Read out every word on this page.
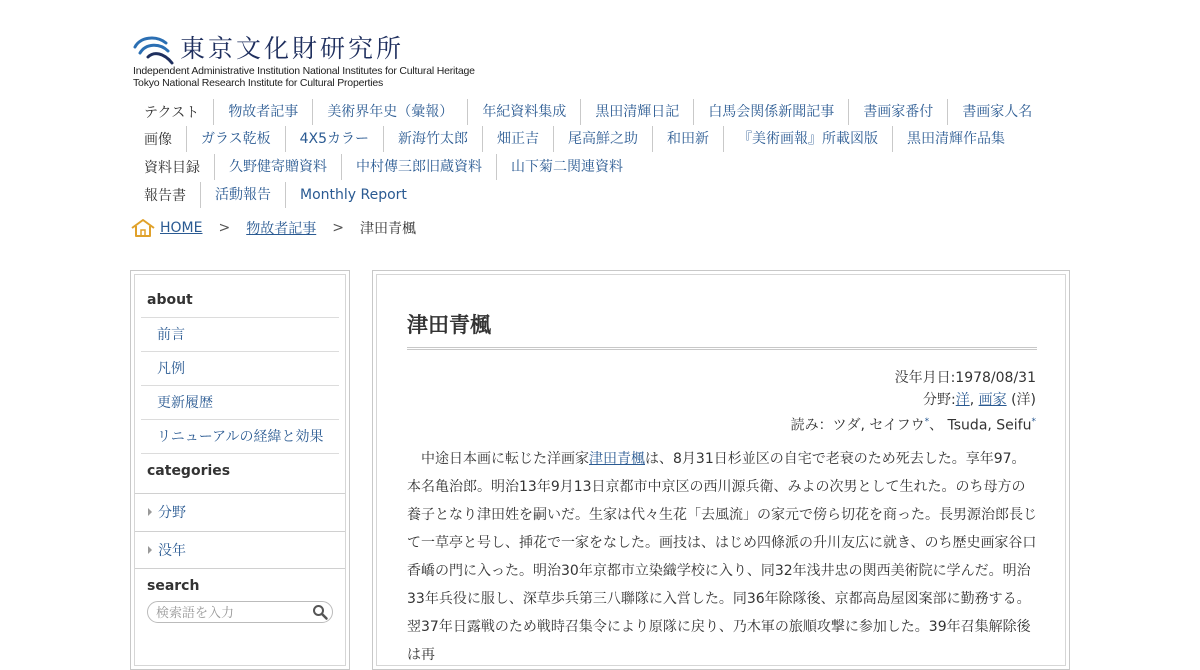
東京文化財研究所
Independent Administrative Institution National Institutes for Cultural Heritage
Tokyo National Research Institute for Cultural Properties
テクスト	物故者記事	美術界年史（彙報）	年紀資料集成	黒田清輝日記	白馬会関係新聞記事	書画家番付	書画家人名
画像	ガラス乾板	4X5カラー	新海竹太郎	畑正吉	尾高鮮之助	和田新	『美術画報』所載図版	黒田清輝作品集
資料目録	久野健寄贈資料	中村傳三郎旧蔵資料	山下菊二関連資料
報告書	活動報告	Monthly Report
HOME > 物故者記事 > 津田青楓
about
前言
凡例
更新履歴
リニューアルの経緯と効果
categories
分野
没年
search
検索語を入力
津田青楓
没年月日:1978/08/31
分野:洋, 画家 (洋)
読み：ツダ, セイフウ*、 Tsuda, Seifu*

中途日本画に転じた洋画家津田青楓は、8月31日杉並区の自宅で老衰のため死去した。享年97。本名亀治郎。明治13年9月13日京都市中京区の西川源兵衛、みよの次男として生れた。のち母方の養子となり津田姓を嗣いだ。生家は代々生花「去風流」の家元で傍ら切花を商った。長男源治郎長じて一草亭と号し、挿花で一家をなした。画技は、はじめ四條派の升川友広に就き、のち歴史画家谷口香嶠の門に入った。明治30年京都市立染織学校に入り、同32年浅井忠の関西美術院に学んだ。明治33年兵役に服し、深草歩兵第三八聯隊に入営した。同36年除隊後、京都高島屋図案部に勤務する。翌37年日露戦のため戦時召集令により原隊に戻り、乃木軍の旅順攻撃に参加した。39年召集解除後は再
